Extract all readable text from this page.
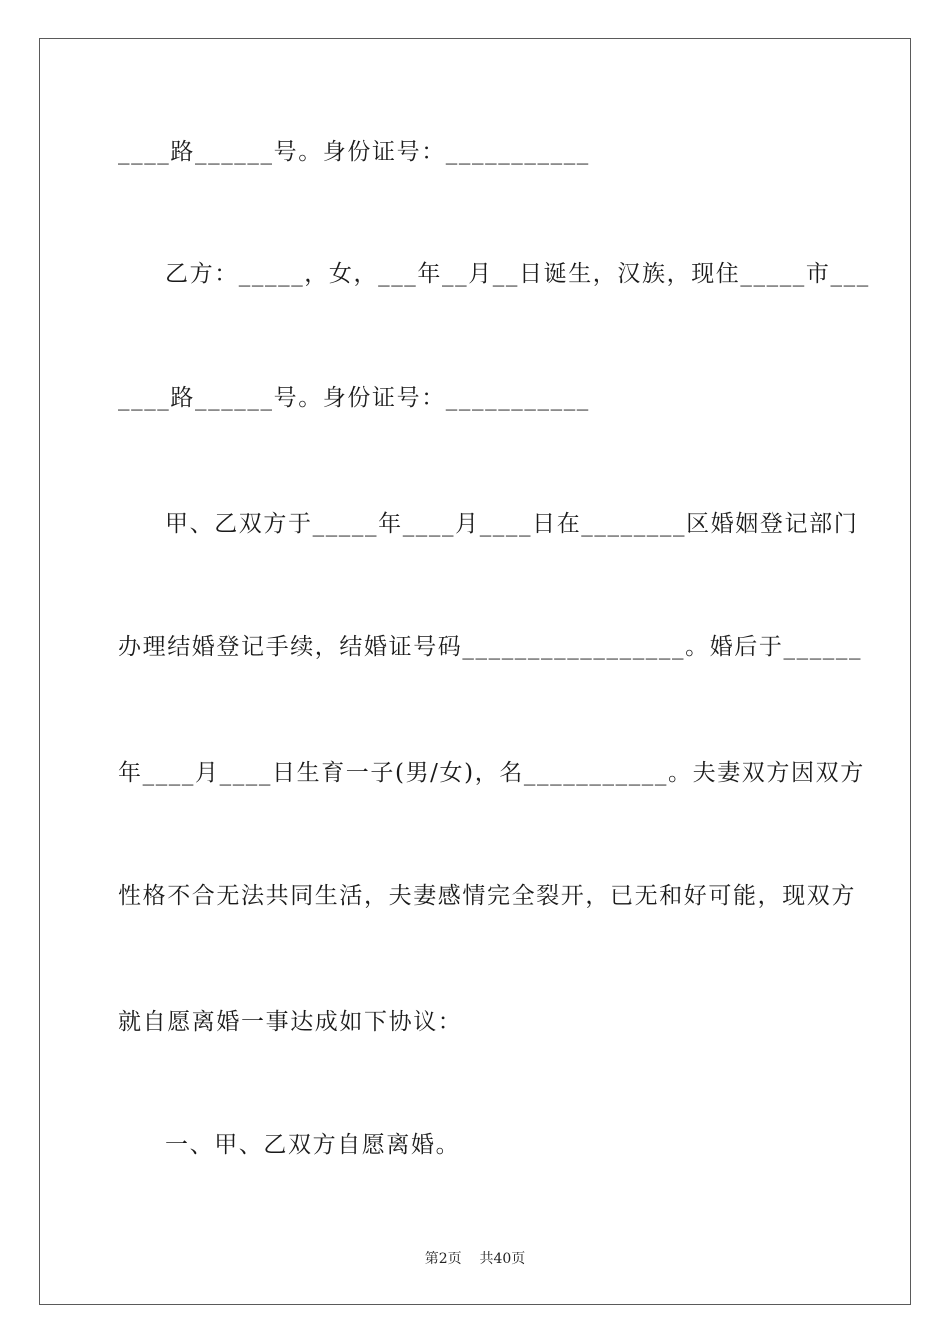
____路______号。身份证号：___________
乙方：_____，女，___年__月__日诞生，汉族，现住_____市___
____路______号。身份证号：___________
甲、乙双方于_____年____月____日在________区婚姻登记部门
办理结婚登记手续，结婚证号码_________________。婚后于______
年____月____日生育一子(男/女)，名___________。夫妻双方因双方
性格不合无法共同生活，夫妻感情完全裂开，已无和好可能，现双方
就自愿离婚一事达成如下协议：
一、甲、乙双方自愿离婚。
第2页    共40页
